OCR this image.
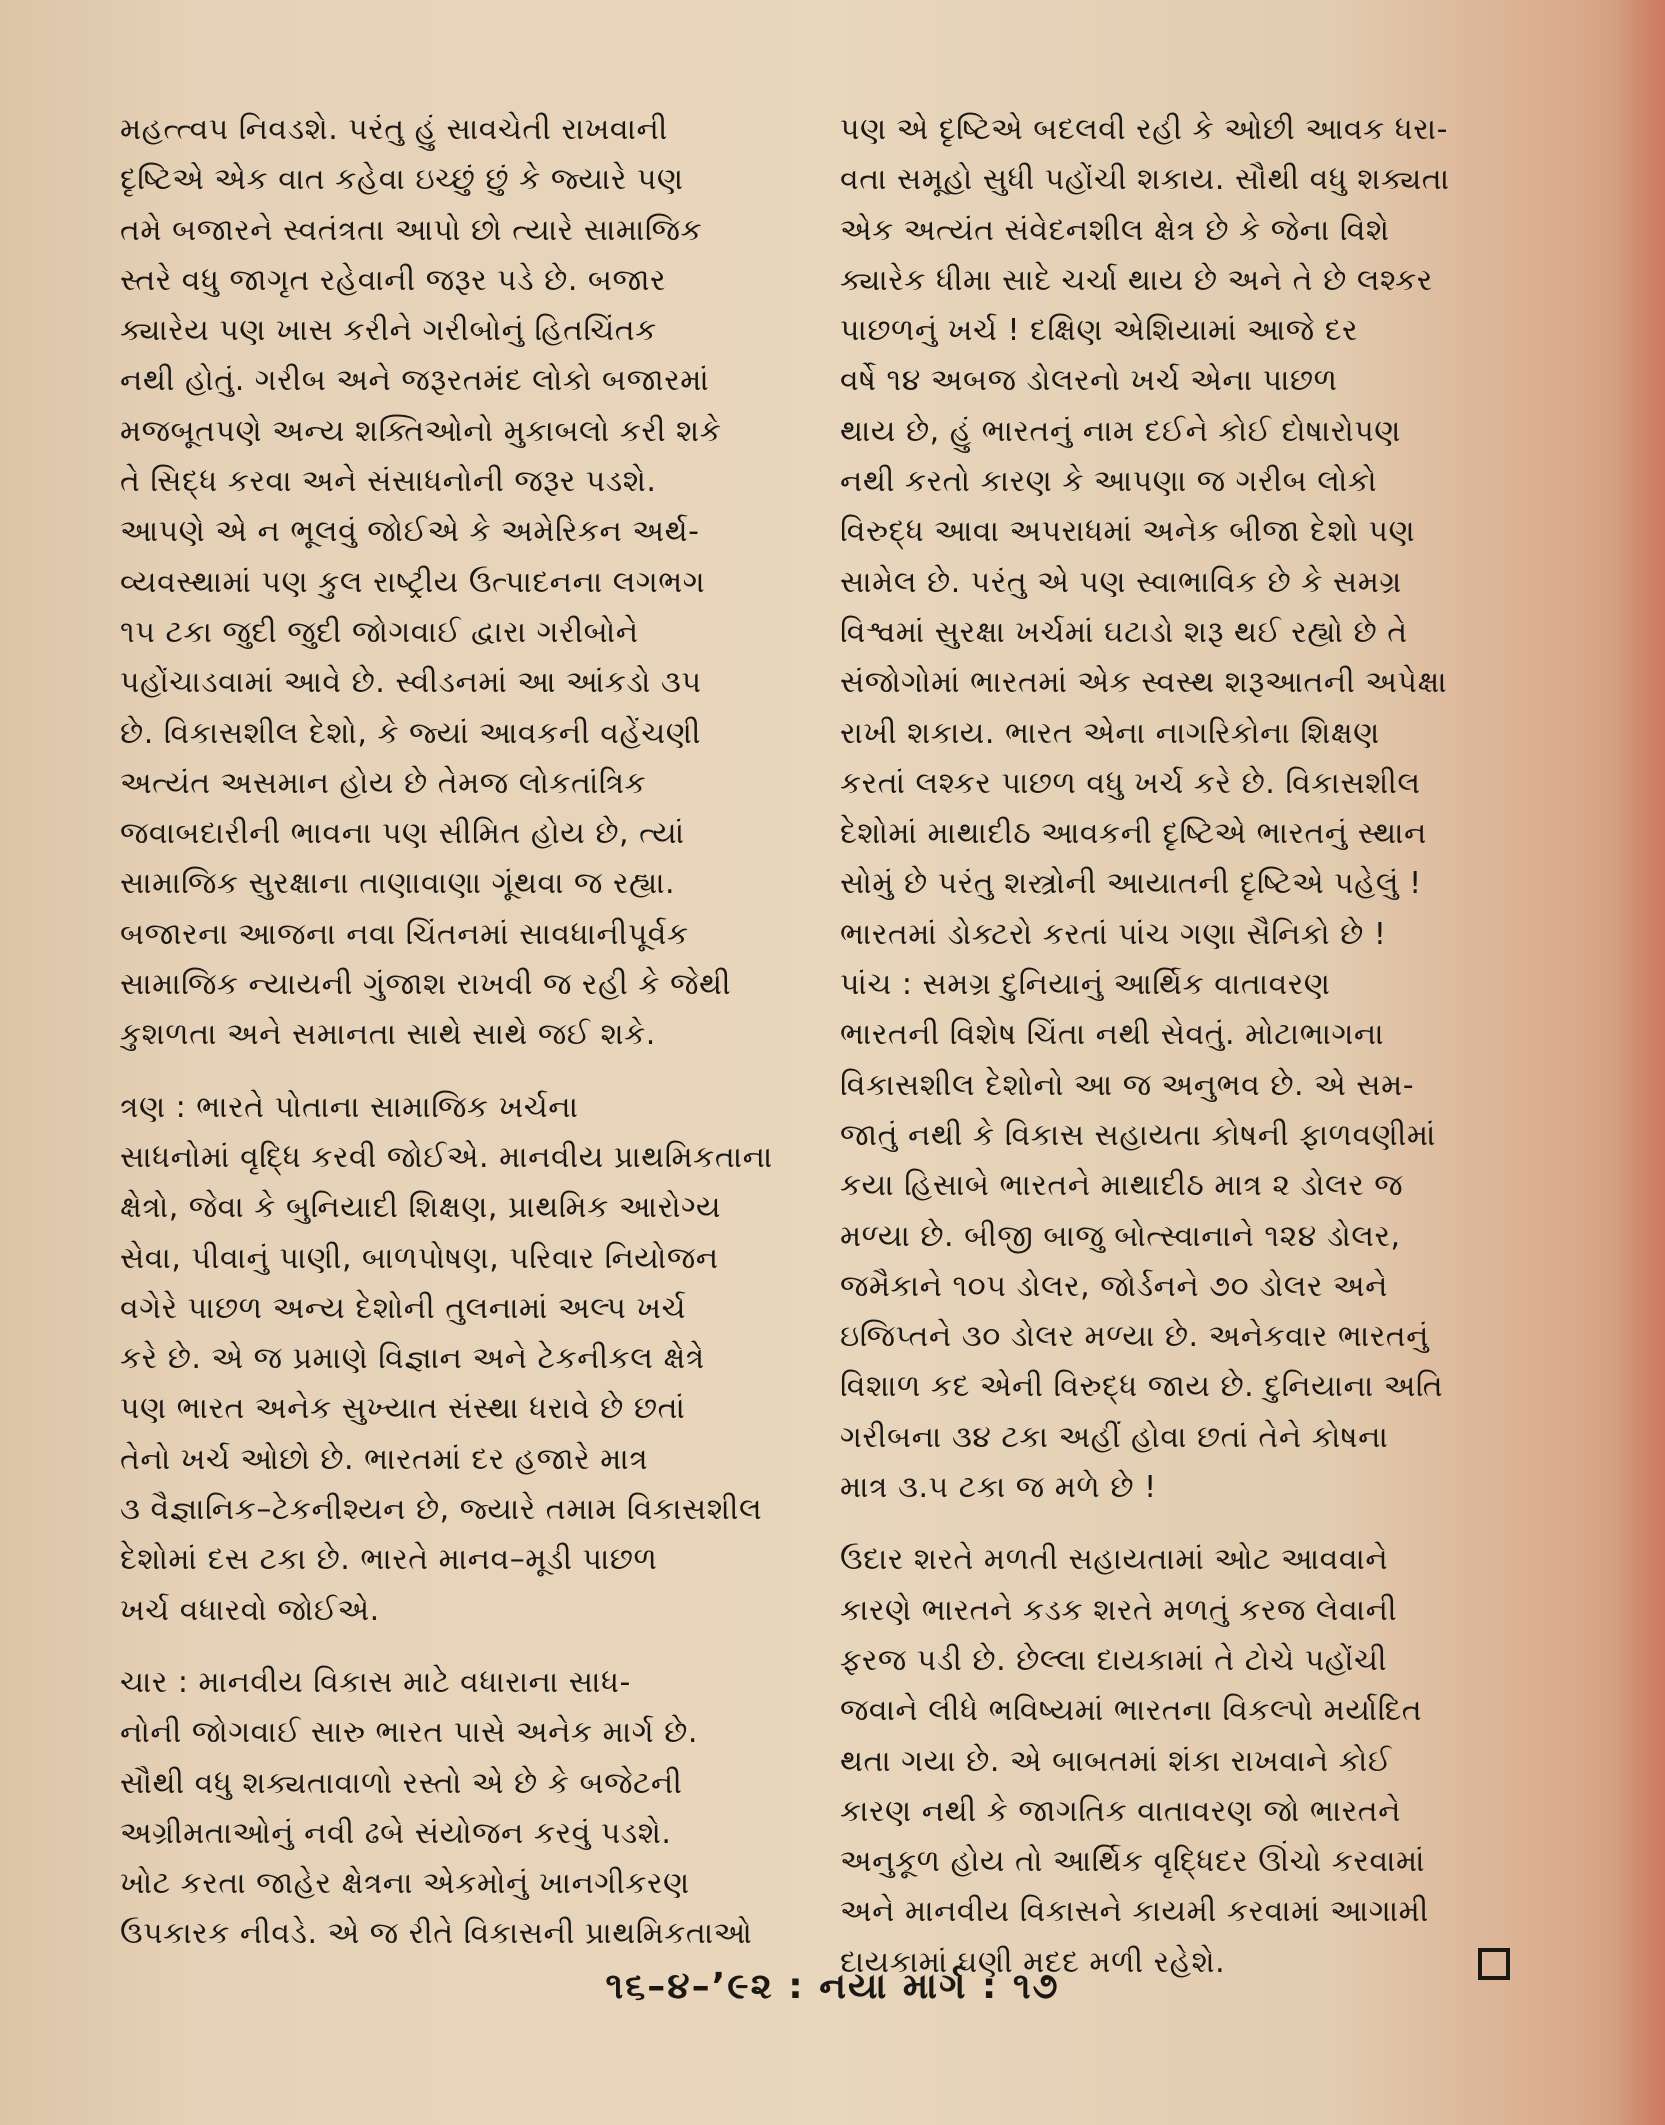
મહત્ત્વપ નિવડશે. પરંતુ હું સાવચેતી રાખવાની
દૃષ્ટિએ એક વાત કહેવા ઇચ્છું છું કે જ્યારે પણ
તમે બજારને સ્વતંત્રતા આપો છો ત્યારે સામાજિક
સ્તરે વધુ જાગૃત રહેવાની જરૂર પડે છે. બજાર
ક્યારેય પણ ખાસ કરીને ગરીબોનું હિતચિંતક
નથી હોતું. ગરીબ અને જરૂરતમંદ લોકો બજારમાં
મજબૂતપણે અન્ય શક્તિઓનો મુકાબલો કરી શકે
તે સિદ્ધ કરવા અને સંસાધનોની જરૂર પડશે.
આપણે એ ન ભૂલવું જોઈએ કે અમેરિકન અર્થ-
વ્યવસ્થામાં પણ કુલ રાષ્ટ્રીય ઉત્પાદનના લગભગ
૧૫ ટકા જુદી જુદી જોગવાઈ દ્વારા ગરીબોને
પહોંચાડવામાં આવે છે. સ્વીડનમાં આ આંકડો ૩૫
છે. વિકાસશીલ દેશો, કે જ્યાં આવકની વહેંચણી
અત્યંત અસમાન હોય છે તેમજ લોકતાંત્રિક
જવાબદારીની ભાવના પણ સીમિત હોય છે, ત્યાં
સામાજિક સુરક્ષાના તાણાવાણા ગૂંથવા જ રહ્યા.
બજારના આજના નવા ચિંતનમાં સાવધાનીપૂર્વક
સામાજિક ન્યાયની ગુંજાશ રાખવી જ રહી કે જેથી
કુશળતા અને સમાનતા સાથે સાથે જઈ શકે.
ત્રણ : ભારતે પોતાના સામાજિક ખર્ચના
સાધનોમાં વૃદ્ધિ કરવી જોઈએ. માનવીય પ્રાથમિકતાના
ક્ષેત્રો, જેવા કે બુનિયાદી શિક્ષણ, પ્રાથમિક આરોગ્ય
સેવા, પીવાનું પાણી, બાળપોષણ, પરિવાર નિયોજન
વગેરે પાછળ અન્ય દેશોની તુલનામાં અલ્પ ખર્ચ
કરે છે. એ જ પ્રમાણે વિજ્ઞાન અને ટેકનીકલ ક્ષેત્રે
પણ ભારત અનેક સુખ્યાત સંસ્થા ધરાવે છે છતાં
તેનો ખર્ચ ઓછો છે. ભારતમાં દર હજારે માત્ર
૩ વૈજ્ઞાનિક–ટેકનીશ્યન છે, જ્યારે તમામ વિકાસશીલ
દેશોમાં દસ ટકા છે. ભારતે માનવ–મૂડી પાછળ
ખર્ચ વધારવો જોઈએ.
ચાર : માનવીય વિકાસ માટે વધારાના સાધ-
નોની જોગવાઈ સારુ ભારત પાસે અનેક માર્ગ છે.
સૌથી વધુ શક્યતાવાળો રસ્તો એ છે કે બજેટની
અગ્રીમતાઓનું નવી ઢબે સંયોજન કરવું પડશે.
ખોટ કરતા જાહેર ક્ષેત્રના એકમોનું ખાનગીકરણ
ઉપકારક નીવડે. એ જ રીતે વિકાસની પ્રાથમિકતાઓ
પણ એ દૃષ્ટિએ બદલવી રહી કે ઓછી આવક ધરા-
વતા સમૂહો સુધી પહોંચી શકાય. સૌથી વધુ શક્યતા
એક અત્યંત સંવેદનશીલ ક્ષેત્ર છે કે જેના વિશે
ક્યારેક ધીમા સાદે ચર્ચા થાય છે અને તે છે લશ્કર
પાછળનું ખર્ચ ! દક્ષિણ એશિયામાં આજે દર
વર્ષે ૧૪ અબજ ડોલરનો ખર્ચ એના પાછળ
થાય છે, હું ભારતનું નામ દઈને કોઈ દોષારોપણ
નથી કરતો કારણ કે આપણા જ ગરીબ લોકો
વિરુદ્ધ આવા અપરાધમાં અનેક બીજા દેશો પણ
સામેલ છે. પરંતુ એ પણ સ્વાભાવિક છે કે સમગ્ર
વિશ્વમાં સુરક્ષા ખર્ચમાં ઘટાડો શરૂ થઈ રહ્યો છે તે
સંજોગોમાં ભારતમાં એક સ્વસ્થ શરૂઆતની અપેક્ષા
રાખી શકાય. ભારત એના નાગરિકોના શિક્ષણ
કરતાં લશ્કર પાછળ વધુ ખર્ચ કરે છે. વિકાસશીલ
દેશોમાં માથાદીઠ આવકની દૃષ્ટિએ ભારતનું સ્થાન
સોમું છે પરંતુ શસ્ત્રોની આયાતની દૃષ્ટિએ પહેલું !
ભારતમાં ડોક્ટરો કરતાં પાંચ ગણા સૈનિકો છે !
પાંચ : સમગ્ર દુનિયાનું આર્થિક વાતાવરણ
ભારતની વિશેષ ચિંતા નથી સેવતું. મોટાભાગના
વિકાસશીલ દેશોનો આ જ અનુભવ છે. એ સમ-
જાતું નથી કે વિકાસ સહાયતા કોષની ફાળવણીમાં
કયા હિસાબે ભારતને માથાદીઠ માત્ર ૨ ડોલર જ
મળ્યા છે. બીજી બાજુ બોત્સ્વાનાને ૧૨૪ ડોલર,
જમૈકાને ૧૦૫ ડોલર, જોર્ડનને ૭૦ ડોલર અને
ઇજિપ્તને ૩૦ ડોલર મળ્યા છે. અનેકવાર ભારતનું
વિશાળ કદ એની વિરુદ્ધ જાય છે. દુનિયાના અતિ
ગરીબના ૩૪ ટકા અહીં હોવા છતાં તેને કોષના
માત્ર ૩.૫ ટકા જ મળે છે !
ઉદાર શરતે મળતી સહાયતામાં ઓટ આવવાને
કારણે ભારતને કડક શરતે મળતું કરજ લેવાની
ફરજ પડી છે. છેલ્લા દાયકામાં તે ટોચે પહોંચી
જવાને લીધે ભવિષ્યમાં ભારતના વિકલ્પો મર્યાદિત
થતા ગયા છે. એ બાબતમાં શંકા રાખવાને કોઈ
કારણ નથી કે જાગતિક વાતાવરણ જો ભારતને
અનુકૂળ હોય તો આર્થિક વૃદ્ધિદર ઊંચો કરવામાં
અને માનવીય વિકાસને કાયમી કરવામાં આગામી
દાયકામાં ઘણી મદદ મળી રહેશે.
૧૬–૪–’૯૨ : નયા માર્ગ : ૧૭
